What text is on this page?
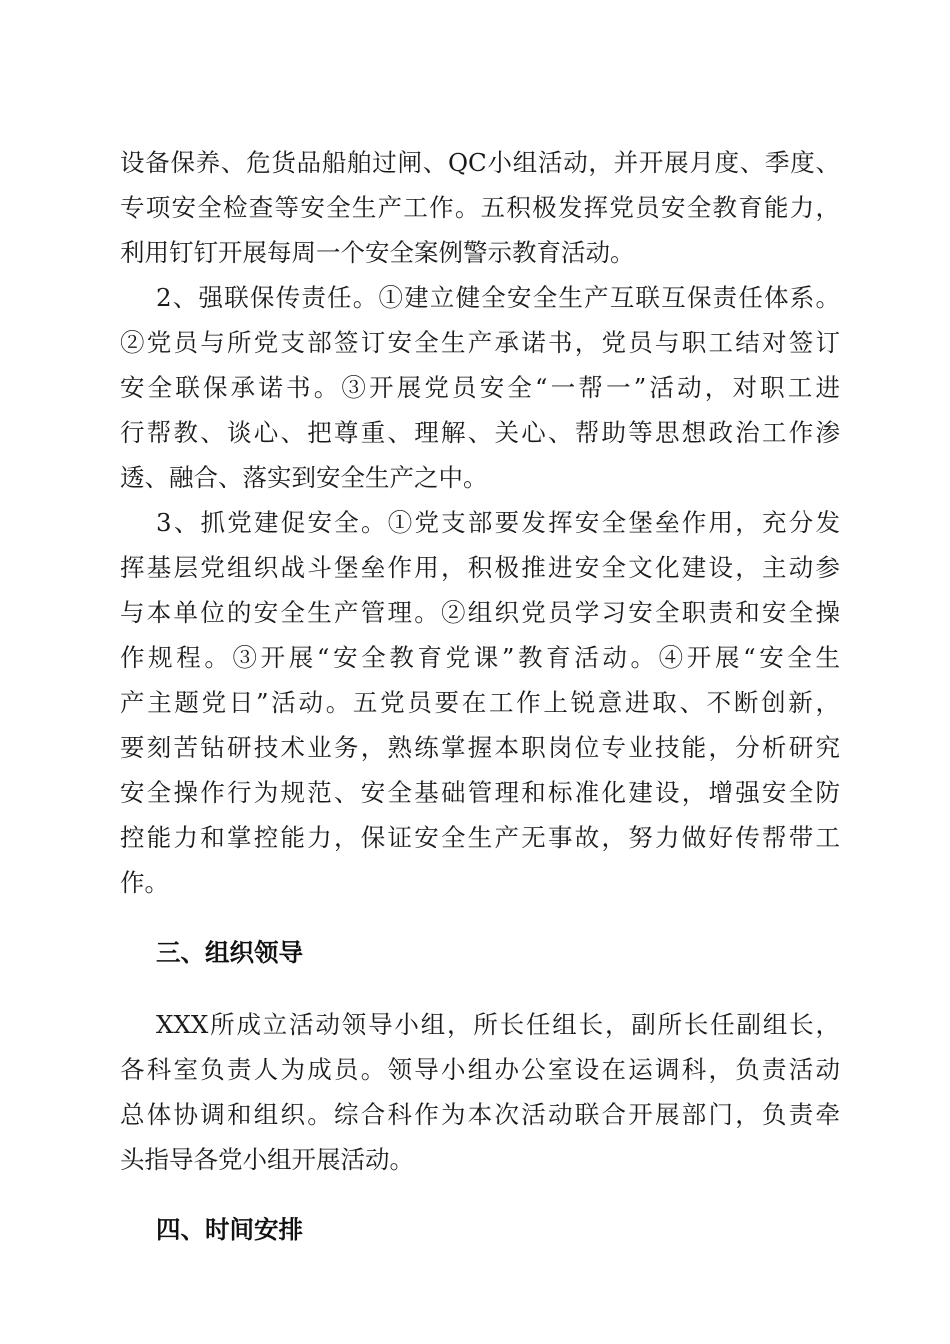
设备保养、危货品船舶过闸、QC小组活动，并开展月度、季度、
专项安全检查等安全生产工作。五积极发挥党员安全教育能力，
利用钉钉开展每周一个安全案例警示教育活动。
2、强联保传责任。①建立健全安全生产互联互保责任体系。
②党员与所党支部签订安全生产承诺书，党员与职工结对签订
安全联保承诺书。③开展党员安全“一帮一”活动，对职工进
行帮教、谈心、把尊重、理解、关心、帮助等思想政治工作渗
透、融合、落实到安全生产之中。
3、抓党建促安全。①党支部要发挥安全堡垒作用，充分发
挥基层党组织战斗堡垒作用，积极推进安全文化建设，主动参
与本单位的安全生产管理。②组织党员学习安全职责和安全操
作规程。③开展“安全教育党课”教育活动。④开展“安全生
产主题党日”活动。五党员要在工作上锐意进取、不断创新，
要刻苦钻研技术业务，熟练掌握本职岗位专业技能，分析研究
安全操作行为规范、安全基础管理和标准化建设，增强安全防
控能力和掌控能力，保证安全生产无事故，努力做好传帮带工
作。
三、组织领导
XXX所成立活动领导小组，所长任组长，副所长任副组长，
各科室负责人为成员。领导小组办公室设在运调科，负责活动
总体协调和组织。综合科作为本次活动联合开展部门，负责牵
头指导各党小组开展活动。
四、时间安排
